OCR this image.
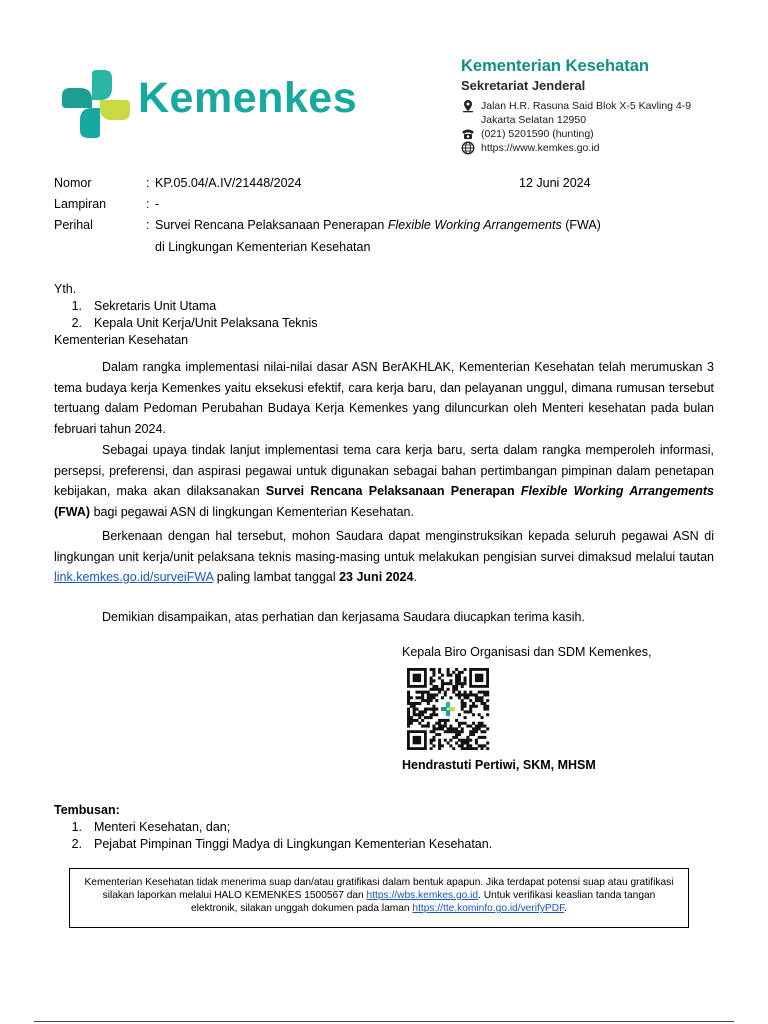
Kemenkes
Kementerian Kesehatan
Sekretariat Jenderal
Jalan H.R. Rasuna Said Blok X-5 Kavling 4-9
Jakarta Selatan 12950
(021) 5201590 (hunting)
https://www.kemkes.go.id
Nomor	: KP.05.04/A.IV/21448/2024	12 Juni 2024
Lampiran	: -
Perihal	: Survei Rencana Pelaksanaan Penerapan Flexible Working Arrangements (FWA)
di Lingkungan Kementerian Kesehatan
Yth.
1. Sekretaris Unit Utama
2. Kepala Unit Kerja/Unit Pelaksana Teknis
Kementerian Kesehatan
Dalam rangka implementasi nilai-nilai dasar ASN BerAKHLAK, Kementerian Kesehatan telah merumuskan 3 tema budaya kerja Kemenkes yaitu eksekusi efektif, cara kerja baru, dan pelayanan unggul, dimana rumusan tersebut tertuang dalam Pedoman Perubahan Budaya Kerja Kemenkes yang diluncurkan oleh Menteri kesehatan pada bulan februari tahun 2024.
Sebagai upaya tindak lanjut implementasi tema cara kerja baru, serta dalam rangka memperoleh informasi, persepsi, preferensi, dan aspirasi pegawai untuk digunakan sebagai bahan pertimbangan pimpinan dalam penetapan kebijakan, maka akan dilaksanakan Survei Rencana Pelaksanaan Penerapan Flexible Working Arrangements (FWA) bagi pegawai ASN di lingkungan Kementerian Kesehatan.
Berkenaan dengan hal tersebut, mohon Saudara dapat menginstruksikan kepada seluruh pegawai ASN di lingkungan unit kerja/unit pelaksana teknis masing-masing untuk melakukan pengisian survei dimaksud melalui tautan link.kemkes.go.id/surveiFWA paling lambat tanggal 23 Juni 2024.
Demikian disampaikan, atas perhatian dan kerjasama Saudara diucapkan terima kasih.
Kepala Biro Organisasi dan SDM Kemenkes,
Hendrastuti Pertiwi, SKM, MHSM
Tembusan:
1. Menteri Kesehatan, dan;
2. Pejabat Pimpinan Tinggi Madya di Lingkungan Kementerian Kesehatan.
Kementerian Kesehatan tidak menerima suap dan/atau gratifikasi dalam bentuk apapun. Jika terdapat potensi suap atau gratifikasi silakan laporkan melalui HALO KEMENKES 1500567 dan https://wbs.kemkes.go.id. Untuk verifikasi keaslian tanda tangan elektronik, silakan unggah dokumen pada laman https://tte.kominfo.go.id/verifyPDF.
